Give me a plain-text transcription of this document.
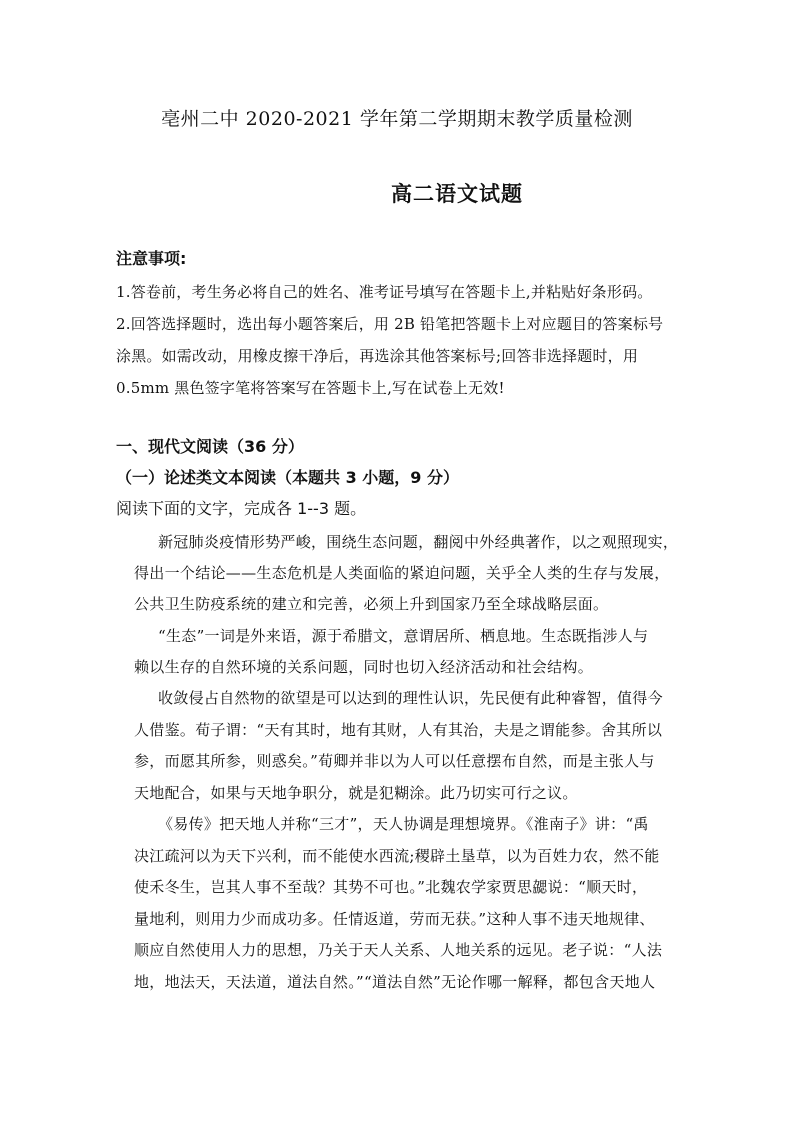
亳州二中 2020-2021 学年第二学期期末教学质量检测
高二语文试题
注意事项:
1.答卷前，考生务必将自己的姓名、准考证号填写在答题卡上,并粘贴好条形码。
2.回答选择题时，选出每小题答案后，用 2B 铅笔把答题卡上对应题目的答案标号
涂黑。如需改动，用橡皮擦干净后，再选涂其他答案标号;回答非选择题时，用
0.5mm 黑色签字笔将答案写在答题卡上,写在试卷上无效!
一、现代文阅读（36 分）
（一）论述类文本阅读（本题共 3 小题，9 分）
阅读下面的文字，完成各 1--3 题。
新冠肺炎疫情形势严峻，围绕生态问题，翻阅中外经典著作，以之观照现实，
得出一个结论——生态危机是人类面临的紧迫问题，关乎全人类的生存与发展，
公共卫生防疫系统的建立和完善，必须上升到国家乃至全球战略层面。
“生态”一词是外来语，源于希腊文，意谓居所、栖息地。生态既指涉人与
赖以生存的自然环境的关系问题，同时也切入经济活动和社会结构。
收敛侵占自然物的欲望是可以达到的理性认识，先民便有此种睿智，值得今
人借鉴。荀子谓：“天有其时，地有其财，人有其治，夫是之谓能参。舍其所以
参，而愿其所参，则惑矣。”荀卿并非以为人可以任意摆布自然，而是主张人与
天地配合，如果与天地争职分，就是犯糊涂。此乃切实可行之议。
《易传》把天地人并称“三才”，天人协调是理想境界。《淮南子》讲：“禹
决江疏河以为天下兴利，而不能使水西流;稷辟土垦草，以为百姓力农，然不能
使禾冬生，岂其人事不至哉？其势不可也。”北魏农学家贾思勰说：“顺天时，
量地利，则用力少而成功多。任情返道，劳而无获。”这种人事不违天地规律、
顺应自然使用人力的思想，乃关于天人关系、人地关系的远见。老子说：“人法
地，地法天，天法道，道法自然。”“道法自然”无论作哪一解释，都包含天地人
